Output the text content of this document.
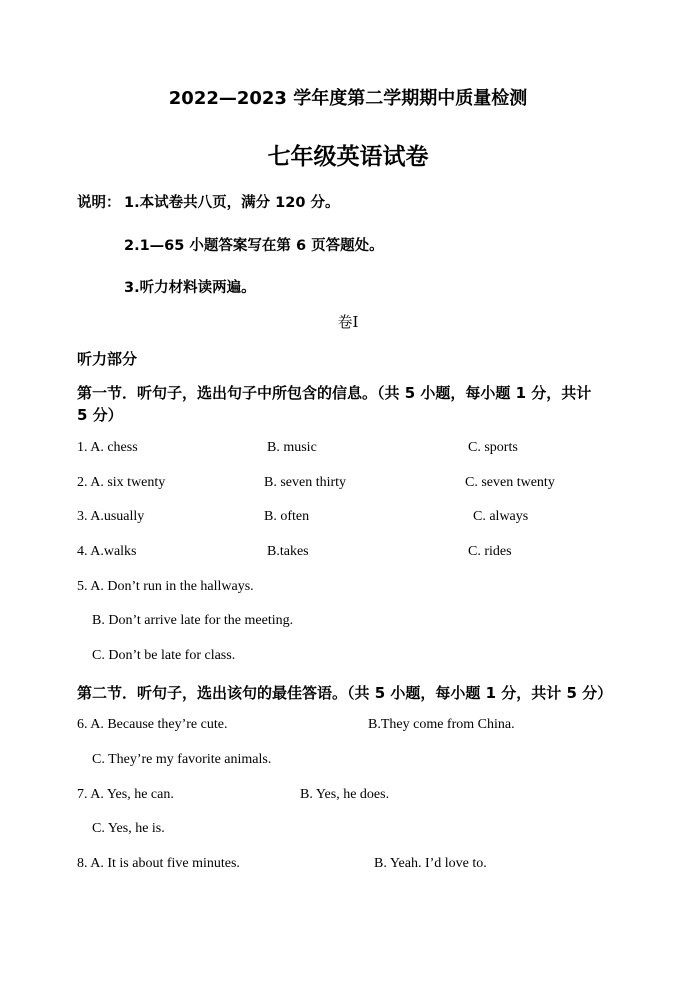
2022—2023 学年度第二学期期中质量检测
七年级英语试卷
说明： 1.本试卷共八页，满分 120 分。
2.1—65 小题答案写在第 6 页答题处。
3.听力材料读两遍。
卷Ⅰ
听力部分
第一节．听句子，选出句子中所包含的信息。（共 5 小题，每小题 1 分，共计
5 分）
1. A. chess	B. music	C. sports
2. A. six twenty	B. seven thirty	C. seven twenty
3. A.usually	B. often	C. always
4. A.walks	B.takes	C. rides
5. A. Don’t run in the hallways.
B. Don’t arrive late for the meeting.
C. Don’t be late for class.
第二节．听句子，选出该句的最佳答语。（共 5 小题，每小题 1 分，共计 5 分）
6. A. Because they’re cute.	B.They come from China.
C. They’re my favorite animals.
7. A. Yes, he can.	B. Yes, he does.
C. Yes, he is.
8. A. It is about five minutes.	B. Yeah. I’d love to.
